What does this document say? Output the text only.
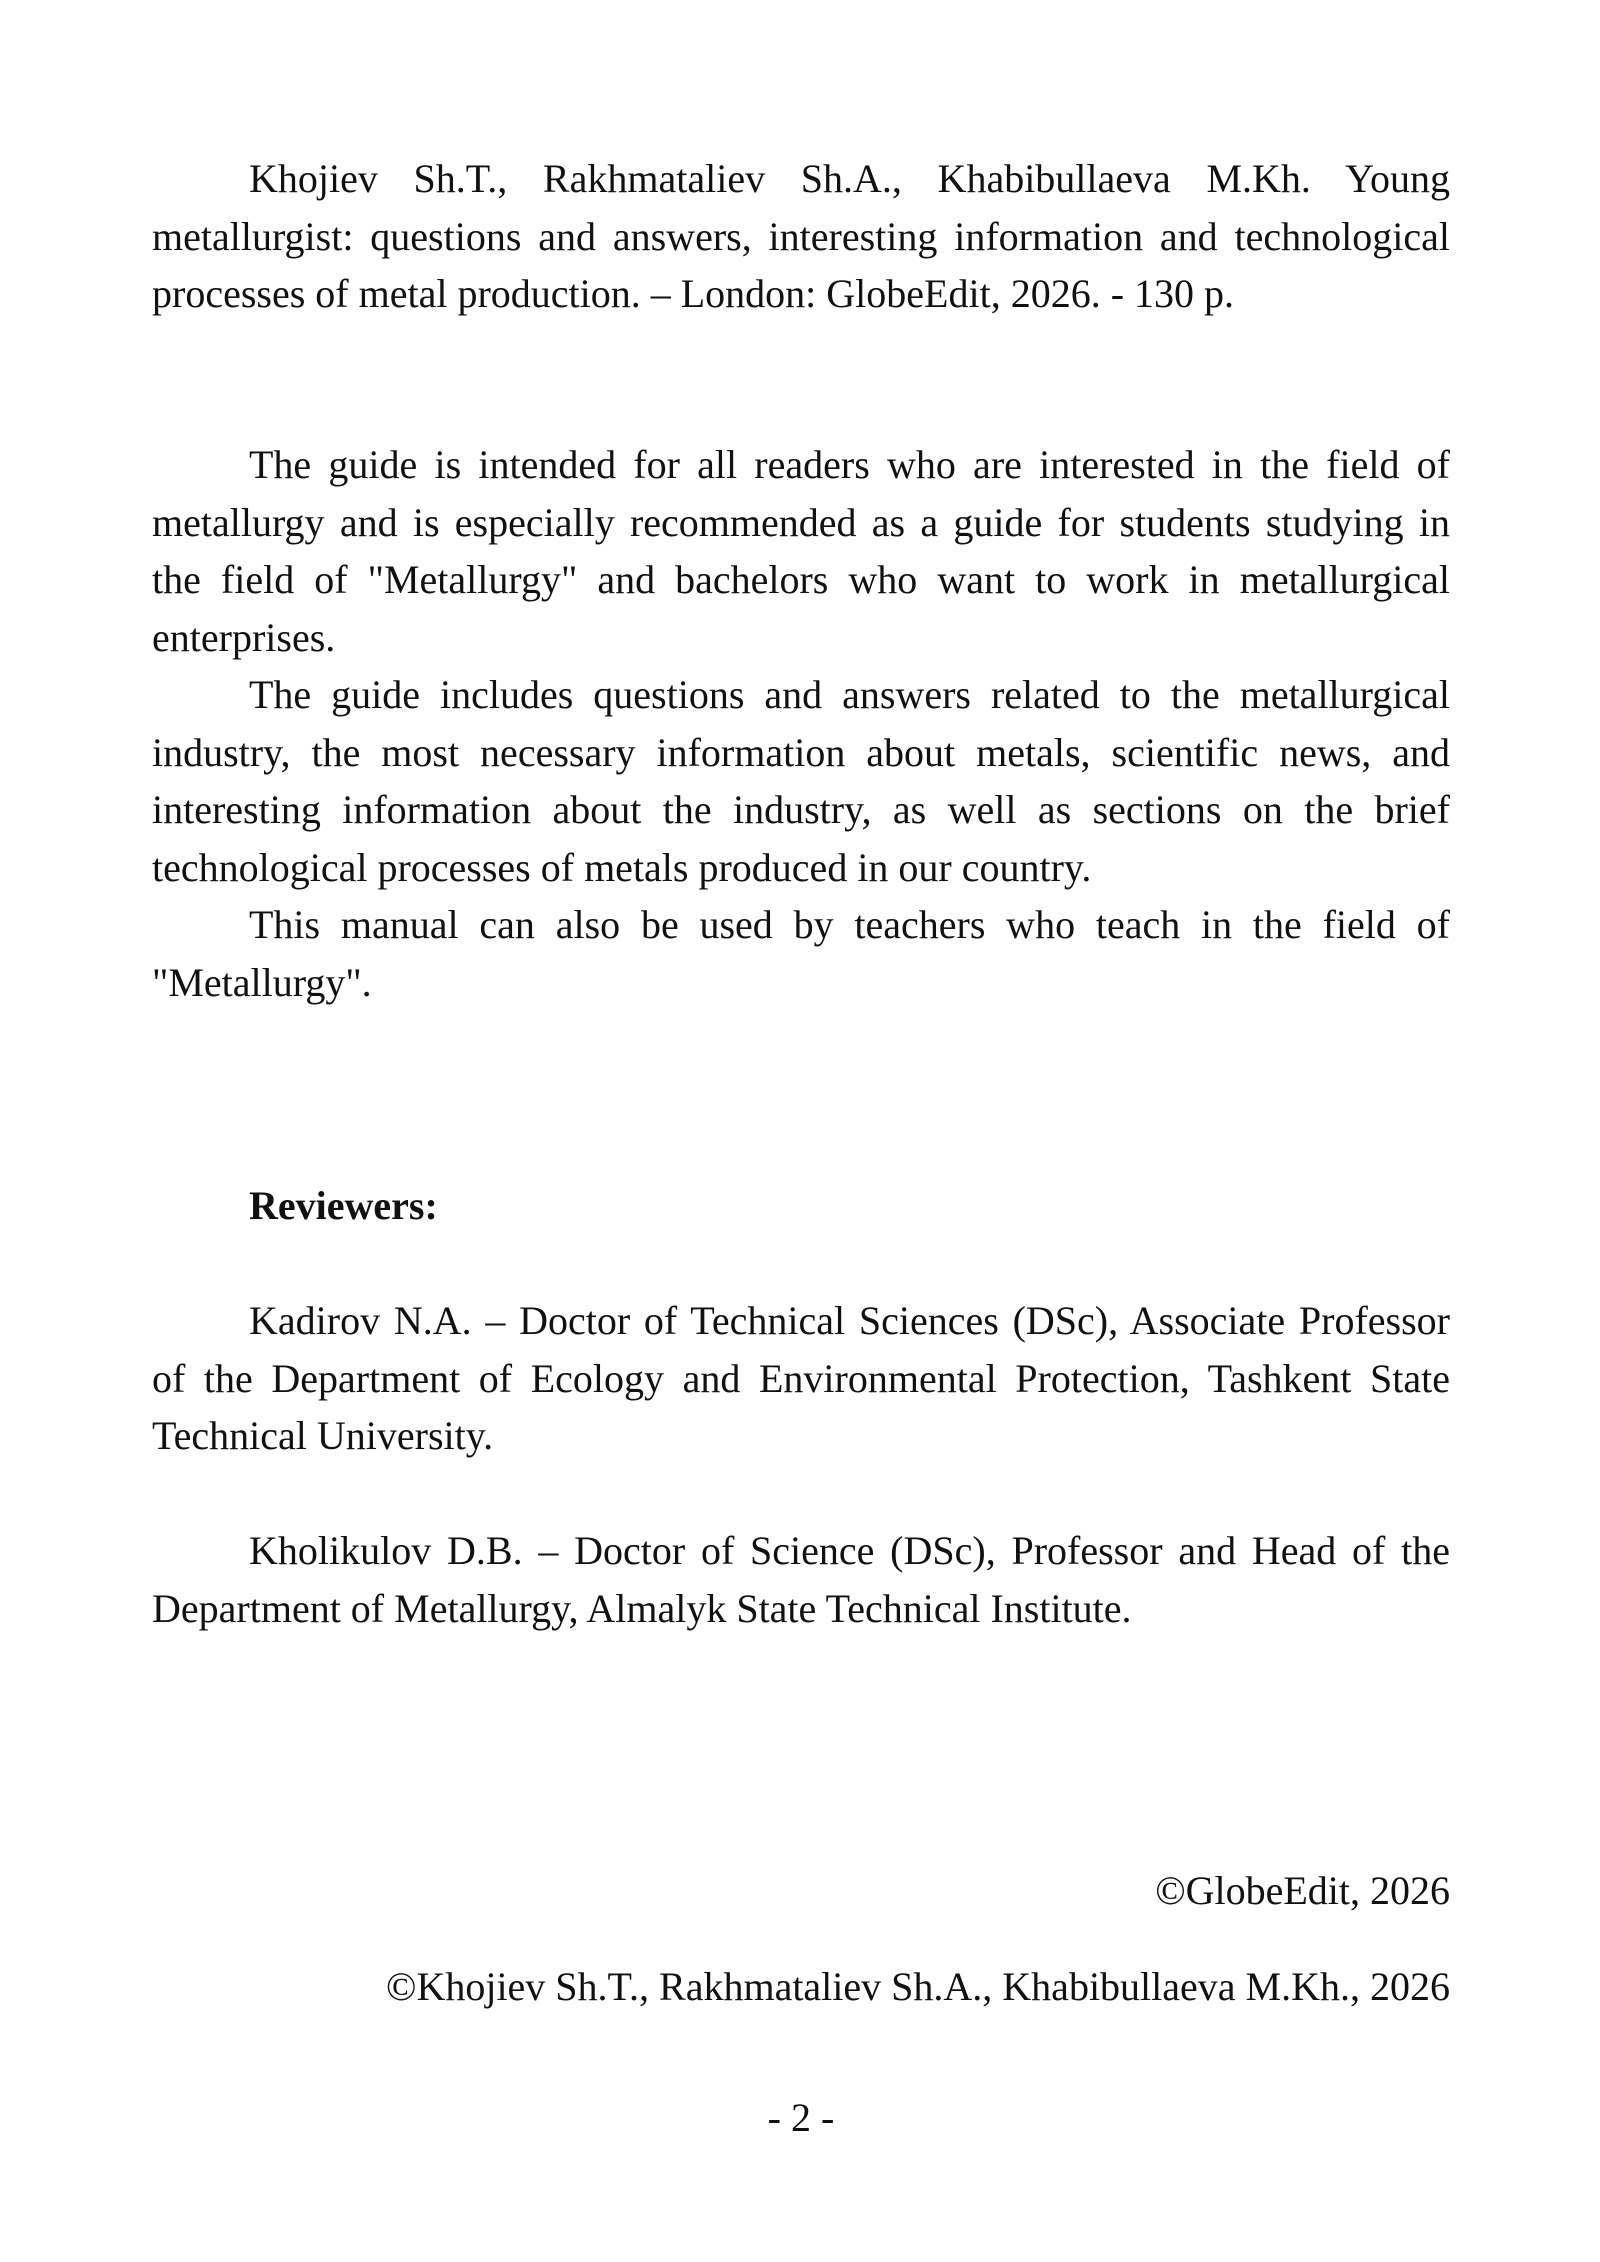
Khojiev Sh.T., Rakhmataliev Sh.A., Khabibullaeva M.Kh. Young metallurgist: questions and answers, interesting information and technological processes of metal production. – London: GlobeEdit, 2026. - 130 p.

The guide is intended for all readers who are interested in the field of metallurgy and is especially recommended as a guide for students studying in the field of "Metallurgy" and bachelors who want to work in metallurgical enterprises.

The guide includes questions and answers related to the metallurgical industry, the most necessary information about metals, scientific news, and interesting information about the industry, as well as sections on the brief technological processes of metals produced in our country.

This manual can also be used by teachers who teach in the field of "Metallurgy".

Reviewers:

Kadirov N.A. – Doctor of Technical Sciences (DSc), Associate Professor of the Department of Ecology and Environmental Protection, Tashkent State Technical University.

Kholikulov D.B. – Doctor of Science (DSc), Professor and Head of the Department of Metallurgy, Almalyk State Technical Institute.

©GlobeEdit, 2026

©Khojiev Sh.T., Rakhmataliev Sh.A., Khabibullaeva M.Kh., 2026

- 2 -
